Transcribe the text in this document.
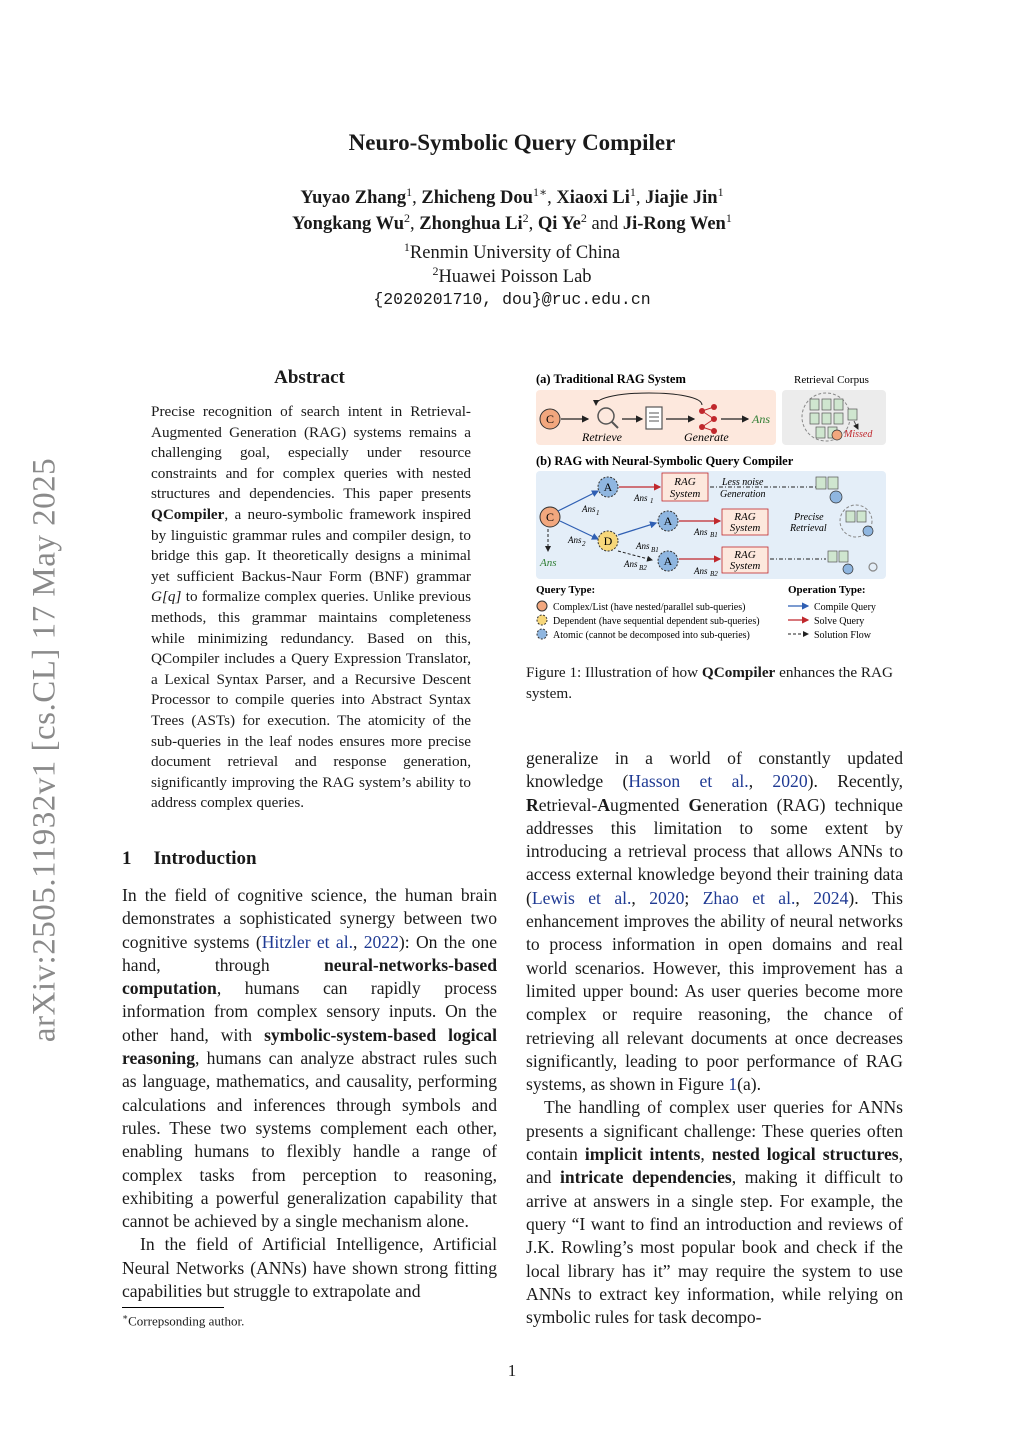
arXiv:2505.11932v1 [cs.CL] 17 May 2025
Neuro-Symbolic Query Compiler
Yuyao Zhang$^1$, Zhicheng Dou$^{1∗}$, Xiaoxi Li$^1$, Jiajie Jin$^1$
Yongkang Wu$^2$, Zhonghua Li$^2$, Qi Ye$^2$ and Ji-Rong Wen$^1$
$^1$Renmin University of China
$^2$Huawei Poisson Lab
{2020201710, dou}@ruc.edu.cn
Abstract
Precise recognition of search intent in Retrieval-Augmented Generation (RAG) systems remains a challenging goal, especially under resource constraints and for complex queries with nested structures and dependencies. This paper presents QCompiler, a neuro-symbolic framework inspired by linguistic grammar rules and compiler design, to bridge this gap. It theoretically designs a minimal yet sufficient Backus-Naur Form (BNF) grammar G[q] to formalize complex queries. Unlike previous methods, this grammar maintains completeness while minimizing redundancy. Based on this, QCompiler includes a Query Expression Translator, a Lexical Syntax Parser, and a Recursive Descent Processor to compile queries into Abstract Syntax Trees (ASTs) for execution. The atomicity of the sub-queries in the leaf nodes ensures more precise document retrieval and response generation, significantly improving the RAG system’s ability to address complex queries.
1 Introduction

In the field of cognitive science, the human brain demonstrates a sophisticated synergy between two cognitive systems (Hitzler et al., 2022): On the one hand, through neural-networks-based computation, humans can rapidly process information from complex sensory inputs. On the other hand, with symbolic-system-based logical reasoning, humans can analyze abstract rules such as language, mathematics, and causality, performing calculations and inferences through symbols and rules. These two systems complement each other, enabling humans to flexibly handle a range of complex tasks from perception to reasoning, exhibiting a powerful generalization capability that cannot be achieved by a single mechanism alone.

In the field of Artificial Intelligence, Artificial Neural Networks (ANNs) have shown strong fitting capabilities but struggle to extrapolate and

∗Correpsonding author.
(a) Traditional RAG System	Retrieval Corpus
C	Ans
Retrieve	Generate	Missed
(b) RAG with Neural-Symbolic Query Compiler
C
Ans
A
Ans 1
Ans 1
RAG
System
Less noise
Generation
D
Ans 2
A
Ans B1
Ans B1
RAG
System
Precise
Retrieval
A
Ans B2	Ans B2
RAG
System
Query Type:	Operation Type:
Complex/List (have nested/parallel sub-queries)
Dependent (have sequential dependent sub-queries)
Atomic (cannot be decomposed into sub-queries)
Compile Query
Solve Query
Solution Flow
Figure 1: Illustration of how QCompiler enhances the RAG system.

generalize in a world of constantly updated knowledge (Hasson et al., 2020). Recently, Retrieval-Augmented Generation (RAG) technique addresses this limitation to some extent by introducing a retrieval process that allows ANNs to access external knowledge beyond their training data (Lewis et al., 2020; Zhao et al., 2024). This enhancement improves the ability of neural networks to process information in open domains and real world scenarios. However, this improvement has a limited upper bound: As user queries become more complex or require reasoning, the chance of retrieving all relevant documents at once decreases significantly, leading to poor performance of RAG systems, as shown in Figure 1(a).

The handling of complex user queries for ANNs presents a significant challenge: These queries often contain implicit intents, nested logical structures, and intricate dependencies, making it difficult to arrive at answers in a single step. For example, the query “I want to find an introduction and reviews of J.K. Rowling’s most popular book and check if the local library has it” may require the system to use ANNs to extract key information, while relying on symbolic rules for task decompo-

1
